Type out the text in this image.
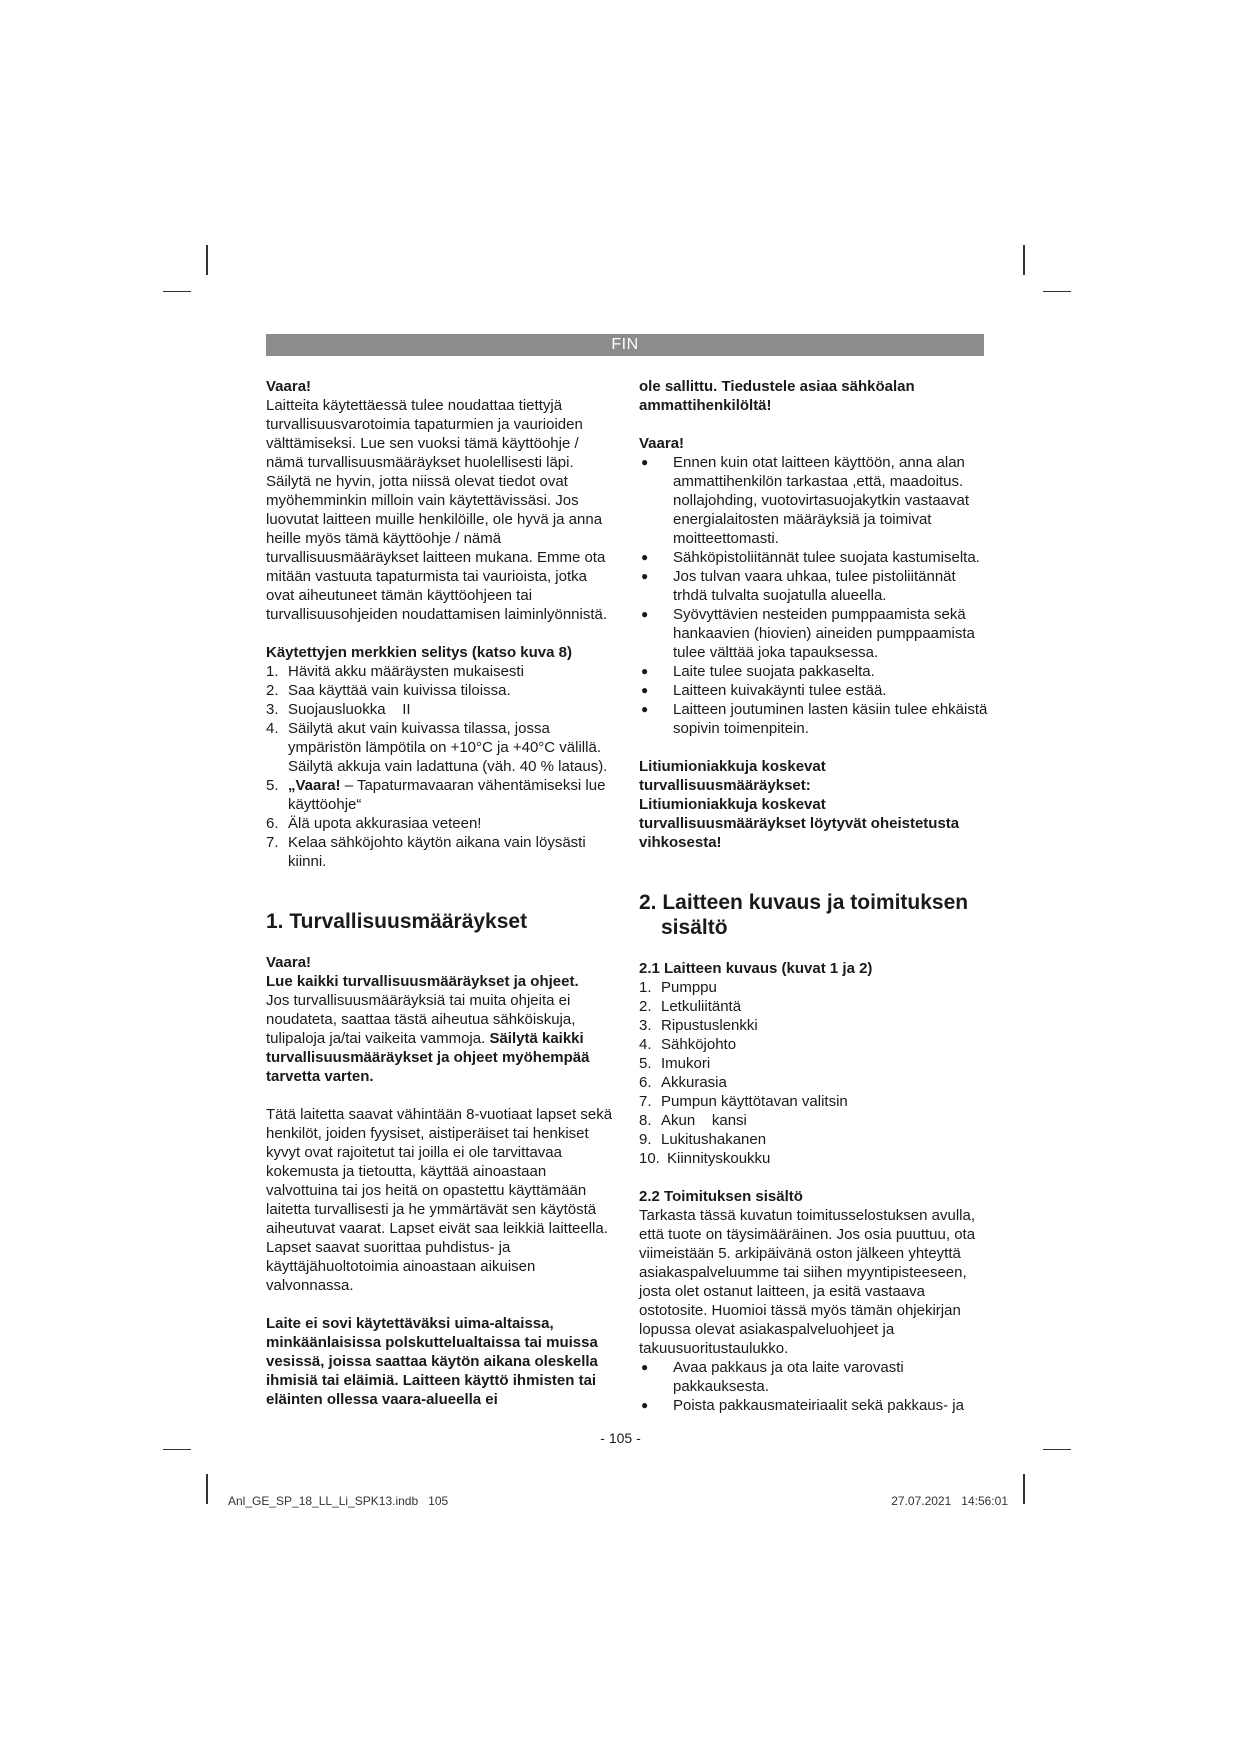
FIN

Vaara!

Laitteita käytettäessä tulee noudattaa tiettyjä turvallisuusvarotoimia tapaturmien ja vaurioiden välttämiseksi. Lue sen vuoksi tämä käyttöohje / nämä turvallisuusmääräykset huolellisesti läpi. Säilytä ne hyvin, jotta niissä olevat tiedot ovat myöhemminkin milloin vain käytettävissäsi. Jos luovutat laitteen muille henkilöille, ole hyvä ja anna heille myös tämä käyttöohje / nämä turvallisuusmääräykset laitteen mukana. Emme ota mitään vastuuta tapaturmista tai vaurioista, jotka ovat aiheutuneet tämän käyttöohjeen tai turvallisuusohjeiden noudattamisen laiminlyönnistä.

Käytettyjen merkkien selitys (katso kuva 8)
1. Hävitä akku määräysten mukaisesti
2. Saa käyttää vain kuivissa tiloissa.
3. Suojausluokka    II
4. Säilytä akut vain kuivassa tilassa, jossa ympäristön lämpötila on +10°C ja +40°C välillä. Säilytä akkuja vain ladattuna (väh. 40 % lataus).
5. „Vaara! – Tapaturmavaaran vähentämiseksi lue käyttöohje“
6. Älä upota akkurasiaa veteen!
7. Kelaa sähköjohto käytön aikana vain löysästi kiinni.
1. Turvallisuusmääräykset

Vaara!

Lue kaikki turvallisuusmääräykset ja ohjeet.

Jos turvallisuusmääräyksiä tai muita ohjeita ei noudateta, saattaa tästä aiheutua sähköiskuja, tulipaloja ja/tai vaikeita vammoja. Säilytä kaikki turvallisuusmääräykset ja ohjeet myöhempää tarvetta varten.

Tätä laitetta saavat vähintään 8-vuotiaat lapset sekä henkilöt, joiden fyysiset, aistiperäiset tai henkiset kyvyt ovat rajoitetut tai joilla ei ole tarvittavaa kokemusta ja tietoutta, käyttää ainoastaan valvottuina tai jos heitä on opastettu käyttämään laitetta turvallisesti ja he ymmärtävät sen käytöstä aiheutuvat vaarat. Lapset eivät saa leikkiä laitteella. Lapset saavat suorittaa puhdistus- ja käyttäjähuoltotoimia ainoastaan aikuisen valvonnassa.

Laite ei sovi käytettäväksi uima-altaissa, minkäänlaisissa polskuttelualtaissa tai muissa vesissä, joissa saattaa käytön aikana oleskella ihmisiä tai eläimiä. Laitteen käyttö ihmisten tai eläinten ollessa vaara-alueella ei

ole sallittu. Tiedustele asiaa sähköalan ammattihenkilöltä!

Vaara!

●	Ennen kuin otat laitteen käyttöön, anna alan ammattihenkilön tarkastaa ,että, maadoitus. nollajohding, vuotovirtasuojakytkin vastaavat energialaitosten määräyksiä ja toimivat moitteettomasti.
●	Sähköpistoliitännät tulee suojata kastumiselta.
●	Jos tulvan vaara uhkaa, tulee pistoliitännät trhdä tulvalta suojatulla alueella.
●	Syövyttävien nesteiden pumppaamista sekä hankaavien (hiovien) aineiden pumppaamista tulee välttää joka tapauksessa.
●	Laite tulee suojata pakkaselta.
●	Laitteen kuivakäynti tulee estää.
●	Laitteen joutuminen lasten käsiin tulee ehkäistä sopivin toimenpitein.

Litiumioniakkuja koskevat turvallisuusmääräykset:

Litiumioniakkuja koskevat turvallisuusmääräykset löytyvät oheistetusta vihkosesta!

2. Laitteen kuvaus ja toimituksen
sisältö
2.1 Laitteen kuvaus (kuvat 1 ja 2)
1. Pumppu
2. Letkuliitäntä
3. Ripustuslenkki
4. Sähköjohto
5. Imukori
6. Akkurasia
7. Pumpun käyttötavan valitsin
8. Akun    kansi
9. Lukitushakanen
10. Kiinnityskoukku
2.2 Toimituksen sisältö

Tarkasta tässä kuvatun toimitusselostuksen avulla, että tuote on täysimääräinen. Jos osia puuttuu, ota viimeistään 5. arkipäivänä oston jälkeen yhteyttä asiakaspalveluumme tai siihen myyntipisteeseen, josta olet ostanut laitteen, ja esitä vastaava ostotosite. Huomioi tässä myös tämän ohjekirjan lopussa olevat asiakaspalveluohjeet ja takuusuoritustaulukko.

●	Avaa pakkaus ja ota laite varovasti pakkauksesta.
●	Poista pakkausmateiriaalit sekä pakkaus- ja
- 105 -
Anl_GE_SP_18_LL_Li_SPK13.indb   105	27.07.2021   14:56:01
